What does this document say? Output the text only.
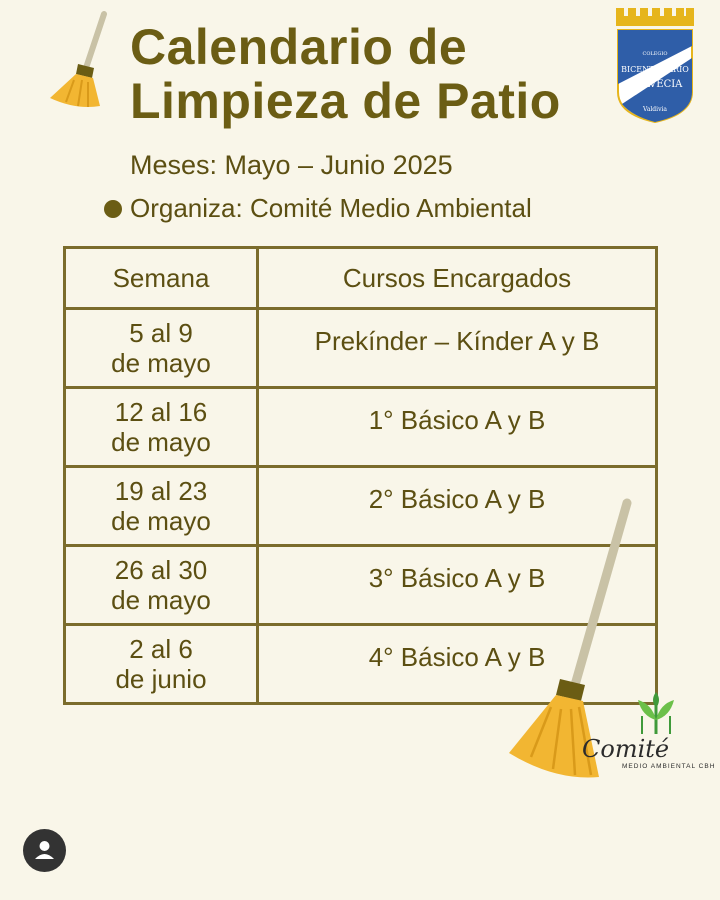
Calendario de
Limpieza de Patio
COLEGIO
BICENTENARIO
HELVECIA
Valdivia
Meses: Mayo – Junio 2025
Organiza: Comité Medio Ambiental
Semana	Cursos Encargados
5 al 9
de mayo	Prekínder – Kínder A y B

12 al 16
de mayo	1° Básico A y B

19 al 23
de mayo	2° Básico A y B

26 al 30
de mayo	3° Básico A y B

2 al 6
de junio	4° Básico A y B
Comité
MEDIO AMBIENTAL CBH
